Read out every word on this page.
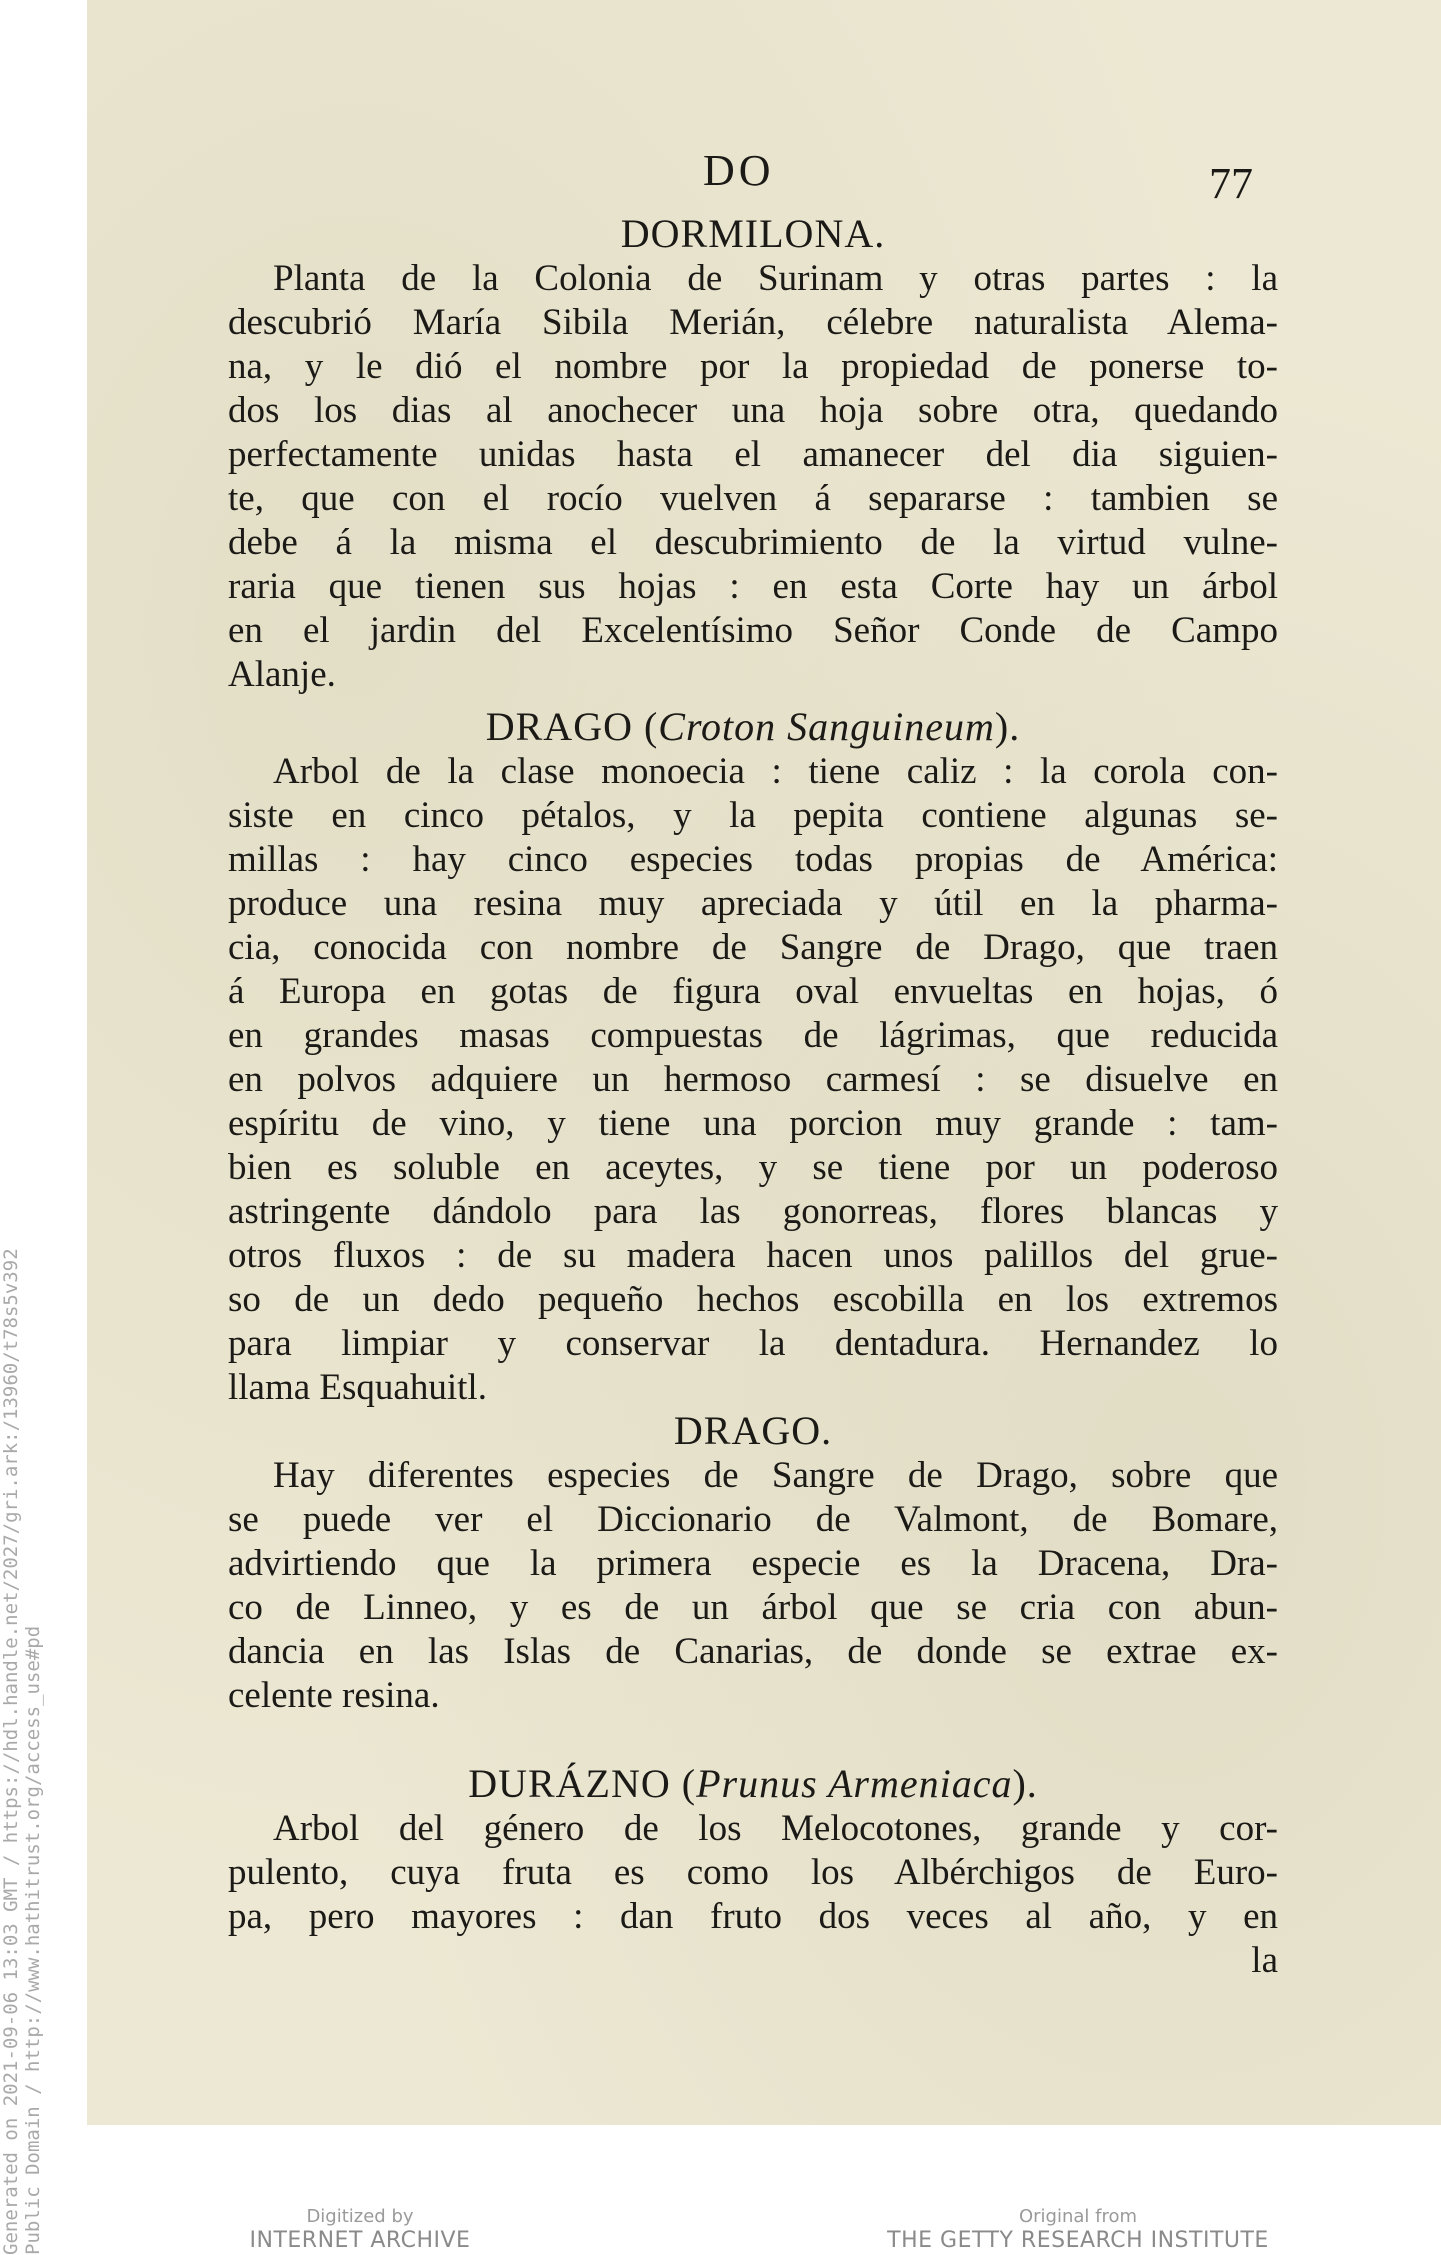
Generated on 2021-09-06 13:03 GMT / https://hdl.handle.net/2027/gri.ark:/13960/t78s5v392 Public Domain / http://www.hathitrust.org/access_use#pd
DO	77
DORMILONA.
Planta de la Colonia de Surinam y otras partes : la
descubrió María Sibila Merián, célebre naturalista Alema-
na, y le dió el nombre por la propiedad de ponerse to-
dos los dias al anochecer una hoja sobre otra, quedando
perfectamente unidas hasta el amanecer del dia siguien-
te, que con el rocío vuelven á separarse : tambien se
debe á la misma el descubrimiento de la virtud vulne-
raria que tienen sus hojas : en esta Corte hay un árbol
en el jardin del Excelentísimo Señor Conde de Campo
Alanje.
DRAGO (Croton Sanguineum).
Arbol de la clase monoecia : tiene caliz : la corola con-
siste en cinco pétalos, y la pepita contiene algunas se-
millas : hay cinco especies todas propias de América:
produce una resina muy apreciada y útil en la pharma-
cia, conocida con nombre de Sangre de Drago, que traen
á Europa en gotas de figura oval envueltas en hojas, ó
en grandes masas compuestas de lágrimas, que reducida
en polvos adquiere un hermoso carmesí : se disuelve en
espíritu de vino, y tiene una porcion muy grande : tam-
bien es soluble en aceytes, y se tiene por un poderoso
astringente dándolo para las gonorreas, flores blancas y
otros fluxos : de su madera hacen unos palillos del grue-
so de un dedo pequeño hechos escobilla en los extremos
para limpiar y conservar la dentadura. Hernandez lo
llama Esquahuitl.
DRAGO.
Hay diferentes especies de Sangre de Drago, sobre que
se puede ver el Diccionario de Valmont, de Bomare,
advirtiendo que la primera especie es la Dracena, Dra-
co de Linneo, y es de un árbol que se cria con abun-
dancia en las Islas de Canarias, de donde se extrae ex-
celente resina.
DURÁZNO (Prunus Armeniaca).
Arbol del género de los Melocotones, grande y cor-
pulento, cuya fruta es como los Albérchigos de Euro-
pa, pero mayores : dan fruto dos veces al año, y en
la
Digitized by
INTERNET ARCHIVE
Original from
THE GETTY RESEARCH INSTITUTE
